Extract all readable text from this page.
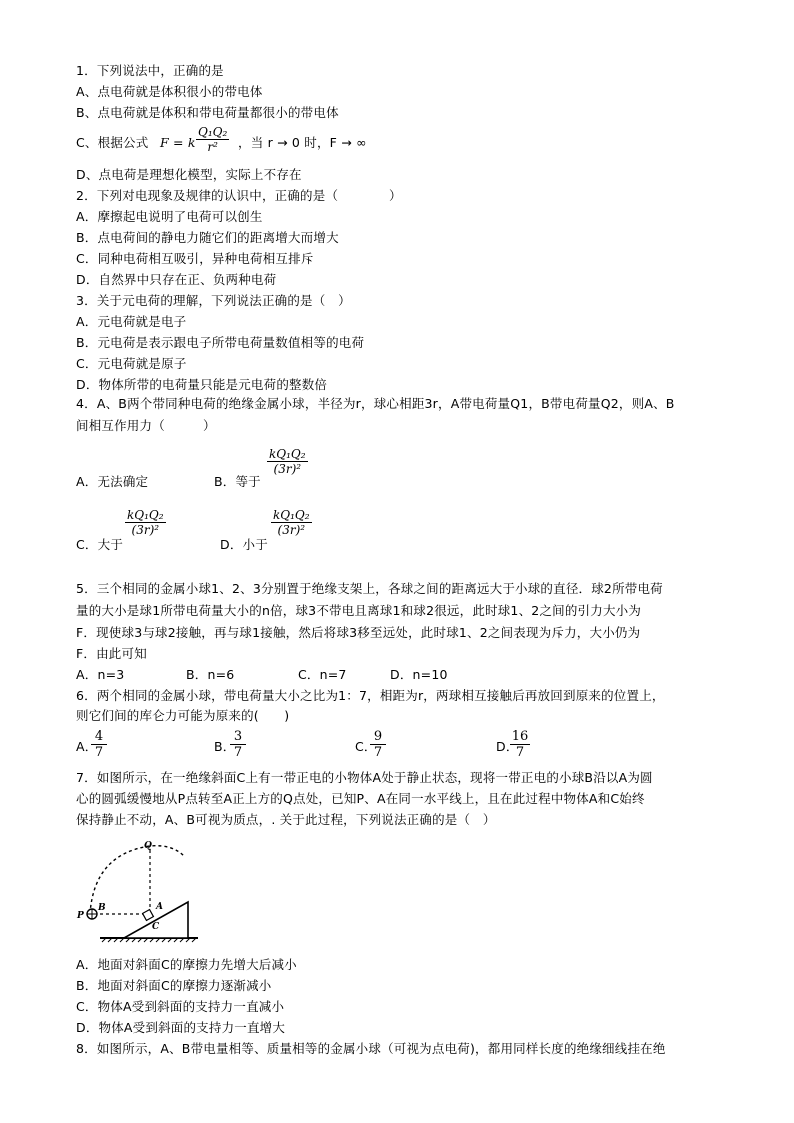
1．下列说法中，正确的是
A、点电荷就是体积很小的带电体
B、点电荷就是体积和带电荷量都很小的带电体
C、根据公式 F = k $\frac{\text{Q₁Q₂}}{\text{r²}}$ ，当 r → 0 时，F → ∞
D、点电荷是理想化模型，实际上不存在
2．下列对电现象及规律的认识中，正确的是（　　　　）
A．摩擦起电说明了电荷可以创生
B．点电荷间的静电力随它们的距离增大而增大
C．同种电荷相互吸引，异种电荷相互排斥
D．自然界中只存在正、负两种电荷
3．关于元电荷的理解，下列说法正确的是（　）
A．元电荷就是电子
B．元电荷是表示跟电子所带电荷量数值相等的电荷
C．元电荷就是原子
D．物体所带的电荷量只能是元电荷的整数倍
4．A、B两个带同种电荷的绝缘金属小球，半径为r，球心相距3r，A带电荷量Q1，B带电荷量Q2，则A、B
间相互作用力（　　　）
A．无法确定	B．等于
$\frac{\text{kQ₁Q₂}}{\text{(3r)²}}$
C．大于
$\frac{\text{kQ₁Q₂}}{\text{(3r)²}}$
D．小于
$\frac{\text{kQ₁Q₂}}{\text{(3r)²}}$
5．三个相同的金属小球1、2、3分别置于绝缘支架上，各球之间的距离远大于小球的直径．球2所带电荷
量的大小是球1所带电荷量大小的n倍，球3不带电且离球1和球2很远，此时球1、2之间的引力大小为
F．现使球3与球2接触，再与球1接触，然后将球3移至远处，此时球1、2之间表现为斥力，大小仍为
F．由此可知
A．n=3	B．n=6	C．n=7	D．n=10
6．两个相同的金属小球，带电荷量大小之比为1：7，相距为r，两球相互接触后再放回到原来的位置上，
则它们间的库仑力可能为原来的(　　)
A．
$\frac{4}{7}$	B．
$\frac{3}{7}$	C．
$\frac{9}{7}$	D．
$\frac{16}{7}$
7．如图所示，在一绝缘斜面C上有一带正电的小物体A处于静止状态，现将一带正电的小球B沿以A为圆
心的圆弧缓慢地从P点转至A正上方的Q点处，已知P、A在同一水平线上，且在此过程中物体A和C始终
保持静止不动，A、B可视为质点，. 关于此过程，下列说法正确的是（　）
Q
P
B	A
C
A．地面对斜面C的摩擦力先增大后减小
B．地面对斜面C的摩擦力逐渐减小
C．物体A受到斜面的支持力一直减小
D．物体A受到斜面的支持力一直增大
8．如图所示，A、B带电量相等、质量相等的金属小球（可视为点电荷)，都用同样长度的绝缘细线挂在绝
